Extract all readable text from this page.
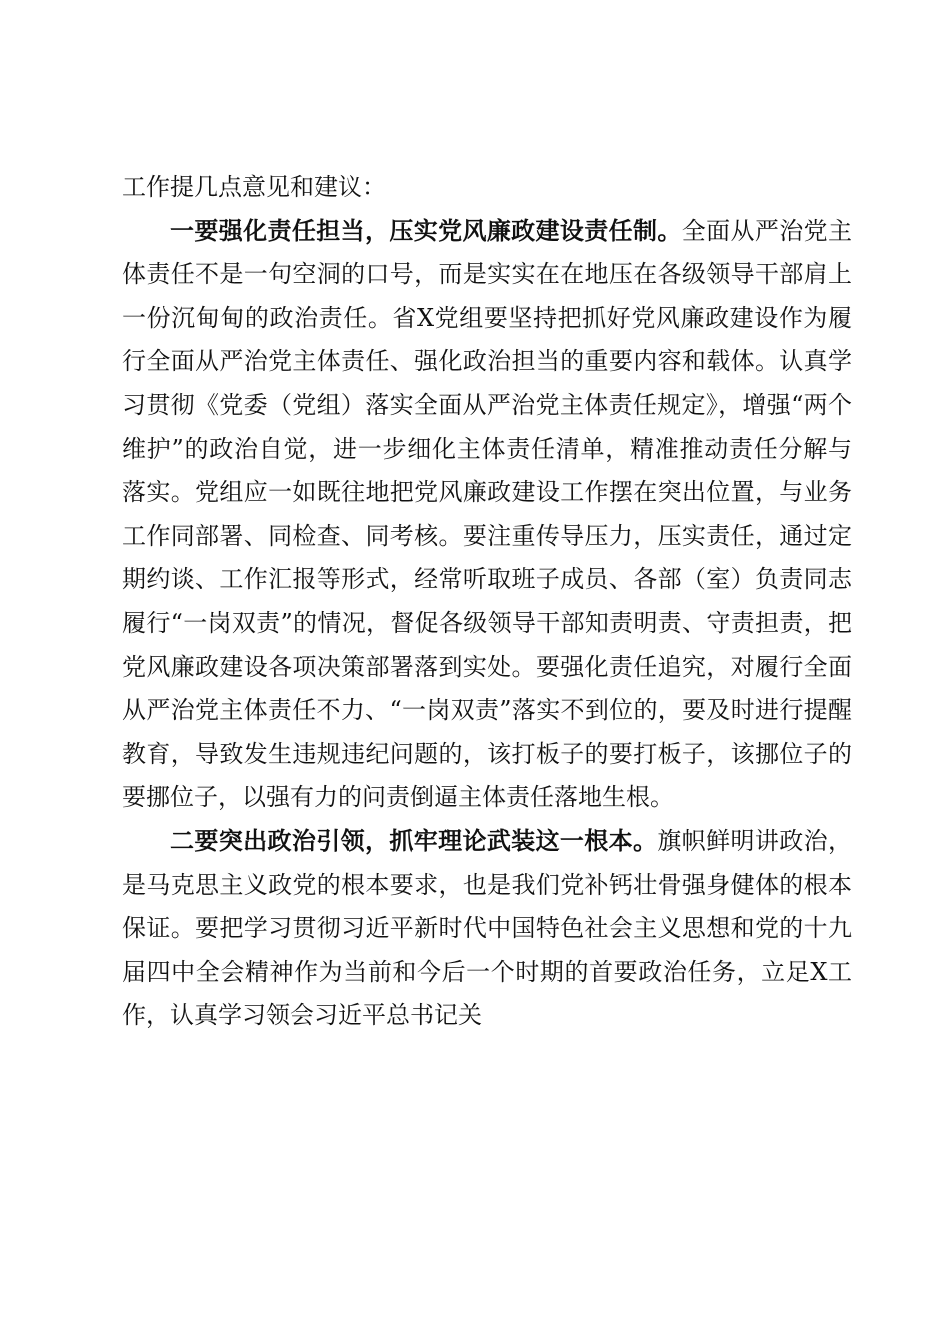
工作提几点意见和建议：

一要强化责任担当，压实党风廉政建设责任制。全面从严治党主体责任不是一句空洞的口号，而是实实在在地压在各级领导干部肩上一份沉甸甸的政治责任。省X党组要坚持把抓好党风廉政建设作为履行全面从严治党主体责任、强化政治担当的重要内容和载体。认真学习贯彻《党委（党组）落实全面从严治党主体责任规定》，增强“两个维护”的政治自觉，进一步细化主体责任清单，精准推动责任分解与落实。党组应一如既往地把党风廉政建设工作摆在突出位置，与业务工作同部署、同检查、同考核。要注重传导压力，压实责任，通过定期约谈、工作汇报等形式，经常听取班子成员、各部（室）负责同志履行“一岗双责”的情况，督促各级领导干部知责明责、守责担责，把党风廉政建设各项决策部署落到实处。要强化责任追究，对履行全面从严治党主体责任不力、“一岗双责”落实不到位的，要及时进行提醒教育，导致发生违规违纪问题的，该打板子的要打板子，该挪位子的要挪位子，以强有力的问责倒逼主体责任落地生根。

二要突出政治引领，抓牢理论武装这一根本。旗帜鲜明讲政治，是马克思主义政党的根本要求，也是我们党补钙壮骨强身健体的根本保证。要把学习贯彻习近平新时代中国特色社会主义思想和党的十九届四中全会精神作为当前和今后一个时期的首要政治任务，立足X工作，认真学习领会习近平总书记关
